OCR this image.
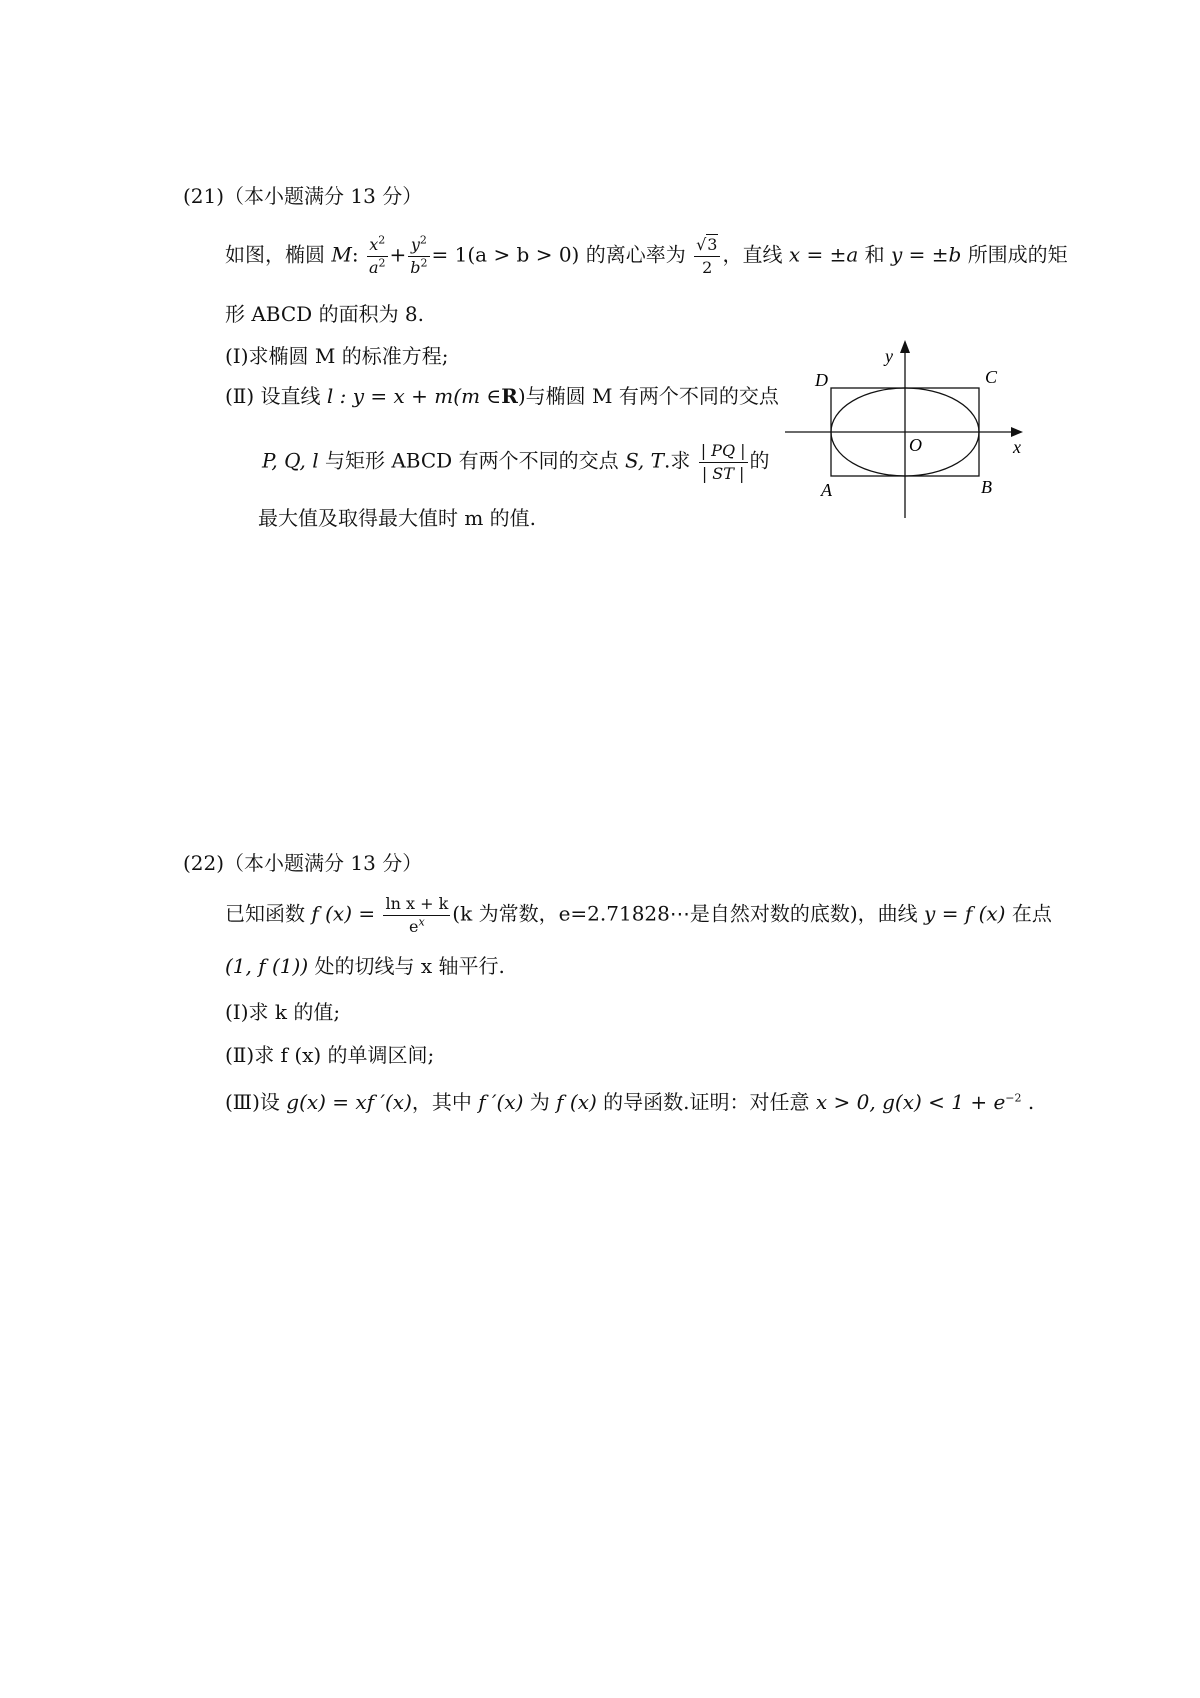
(21)（本小题满分 13 分）
如图，椭圆 M: $\frac{x^2}{a^2} + \frac{y^2}{b^2} = 1(a > b > 0)$ 的离心率为 $\frac{√3}{2}$ ，直线 x = ±a 和 y = ±b 所围成的矩
形 ABCD 的面积为 8.
(Ⅰ)求椭圆 M 的标准方程;
(Ⅱ) 设直线 l : y = x + m(m ∈R)与椭圆 M 有两个不同的交点
P, Q, l 与矩形 ABCD 有两个不同的交点 S, T.求 $\frac{| PQ |}{| ST |}$ 的
最大值及取得最大值时 m 的值.
y
D	C
O	x
A	B
(22)（本小题满分 13 分）
已知函数 f $(x) = \frac{\text{ln x + k}}{e^x} (k$ 为常数，e=2.71828⋯是自然对数的底数)，曲线 y = f (x) 在点
(1, f (1)) 处的切线与 x 轴平行.
(Ⅰ)求 k 的值;
(Ⅱ)求 f (x) 的单调区间;
(Ⅲ)设 g(x) = xf ′(x)，其中 f ′(x) 为 f (x) 的导函数.证明：对任意 x > 0, $g(x) < 1 + e^{-2}$ .
